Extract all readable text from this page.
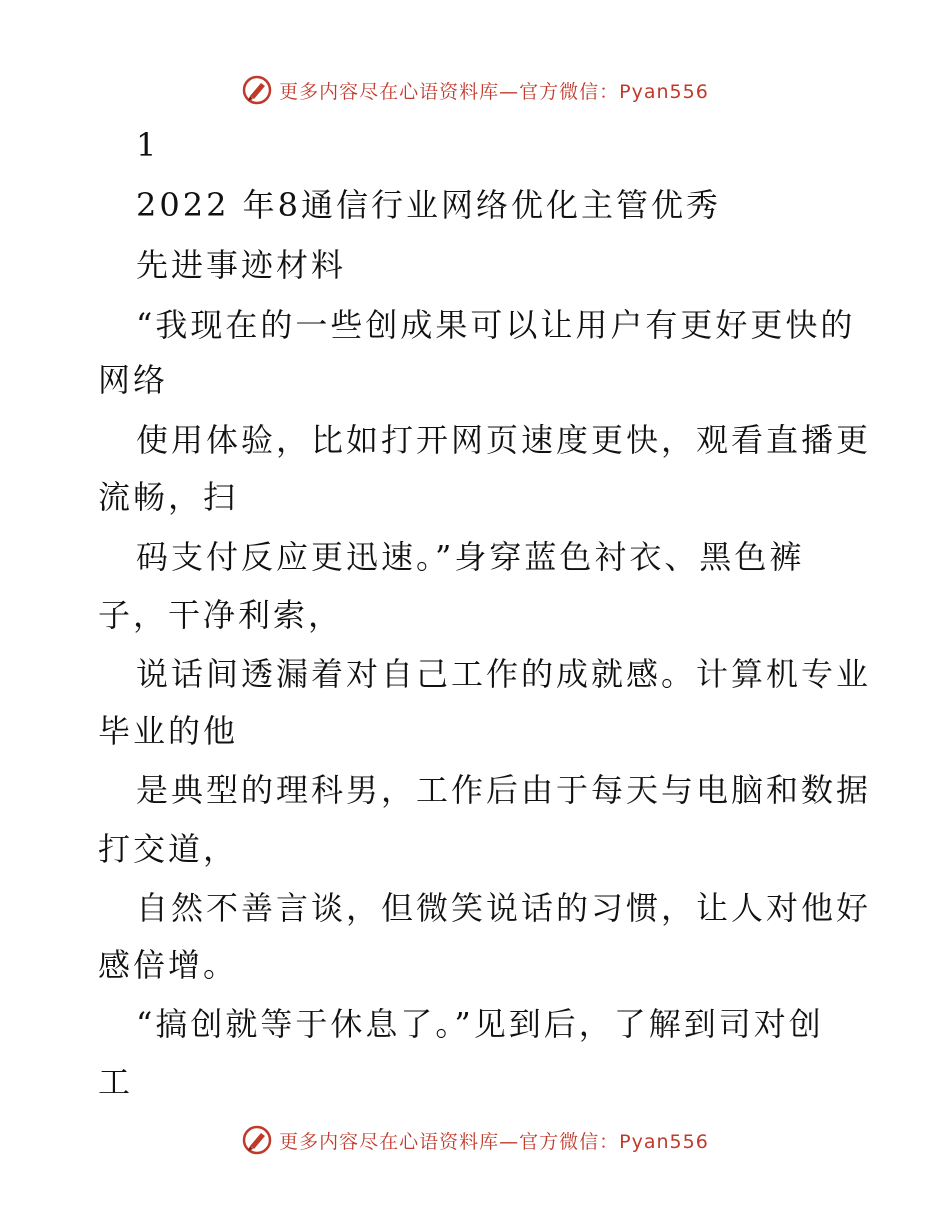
更多内容尽在心语资料库—官方微信：Pyan556
1
2022 年8通信行业网络优化主管优秀
先进事迹材料
“我现在的一些创成果可以让用户有更好更快的
网络
使用体验，比如打开网页速度更快，观看直播更
流畅，扫
码支付反应更迅速。”身穿蓝色衬衣、黑色裤
子，干净利索，
说话间透漏着对自己工作的成就感。计算机专业
毕业的他
是典型的理科男，工作后由于每天与电脑和数据
打交道，
自然不善言谈，但微笑说话的习惯，让人对他好
感倍增。
“搞创就等于休息了。”见到后，了解到司对创
工
更多内容尽在心语资料库—官方微信：Pyan556
